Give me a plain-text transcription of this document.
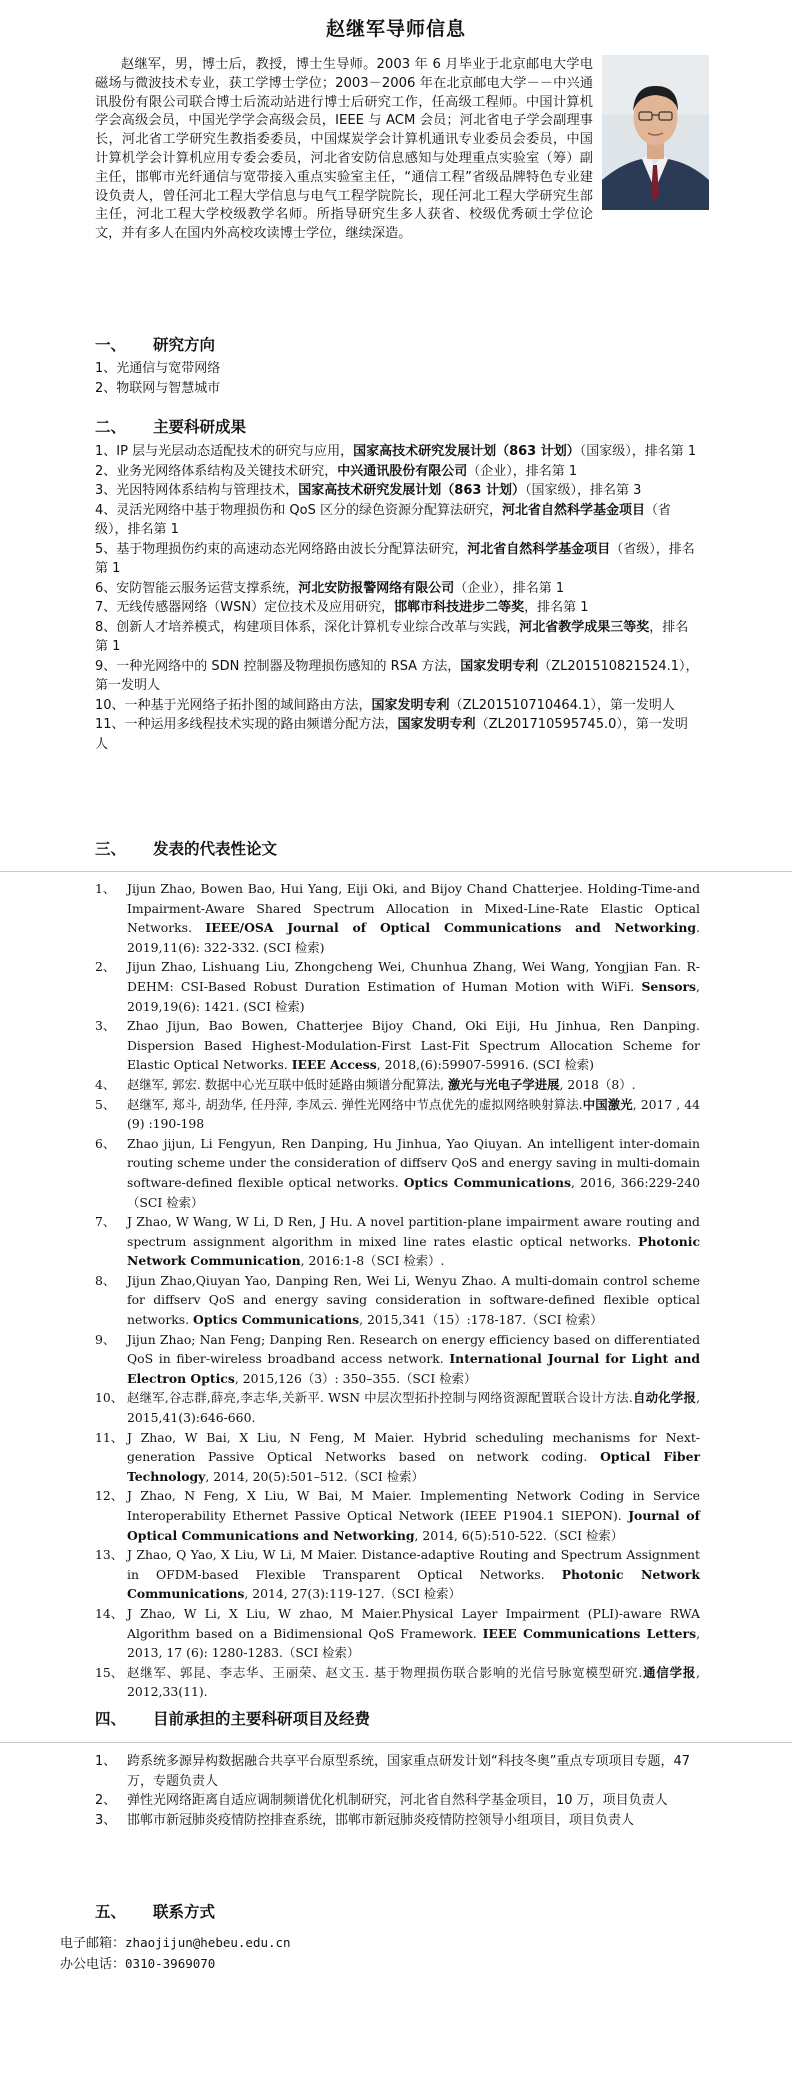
赵继军导师信息
赵继军，男，博士后，教授，博士生导师。2003 年 6 月毕业于北京邮电大学电磁场与微波技术专业，获工学博士学位；2003－2006 年在北京邮电大学－－中兴通讯股份有限公司联合博士后流动站进行博士后研究工作，任高级工程师。中国计算机学会高级会员，中国光学学会高级会员，IEEE 与 ACM 会员；河北省电子学会副理事长，河北省工学研究生教指委委员，中国煤炭学会计算机通讯专业委员会委员，中国计算机学会计算机应用专委会委员，河北省安防信息感知与处理重点实验室（筹）副主任，邯郸市光纤通信与宽带接入重点实验室主任，“通信工程”省级品牌特色专业建设负责人，曾任河北工程大学信息与电气工程学院院长，现任河北工程大学研究生部主任，河北工程大学校级教学名师。所指导研究生多人获省、校级优秀硕士学位论文，并有多人在国内外高校攻读博士学位，继续深造。
一、 研究方向
1、光通信与宽带网络
2、物联网与智慧城市
二、 主要科研成果
1、IP 层与光层动态适配技术的研究与应用，国家高技术研究发展计划（863 计划）（国家级），排名第 1
2、业务光网络体系结构及关键技术研究，中兴通讯股份有限公司（企业），排名第 1
3、光因特网体系结构与管理技术，国家高技术研究发展计划（863 计划）（国家级），排名第 3
4、灵活光网络中基于物理损伤和 QoS 区分的绿色资源分配算法研究，河北省自然科学基金项目（省级），排名第 1
5、基于物理损伤约束的高速动态光网络路由波长分配算法研究，河北省自然科学基金项目（省级），排名第 1
6、安防智能云服务运营支撑系统，河北安防报警网络有限公司（企业），排名第 1
7、无线传感器网络（WSN）定位技术及应用研究，邯郸市科技进步二等奖，排名第 1
8、创新人才培养模式，构建项目体系，深化计算机专业综合改革与实践，河北省教学成果三等奖，排名第 1
9、一种光网络中的 SDN 控制器及物理损伤感知的 RSA 方法，国家发明专利（ZL201510821524.1），第一发明人
10、一种基于光网络子拓扑图的域间路由方法，国家发明专利（ZL201510710464.1），第一发明人
11、一种运用多线程技术实现的路由频谱分配方法，国家发明专利（ZL201710595745.0），第一发明人
三、 发表的代表性论文
1、 Jijun Zhao, Bowen Bao, Hui Yang, Eiji Oki, and Bijoy Chand Chatterjee. Holding-Time-and Impairment-Aware Shared Spectrum Allocation in Mixed-Line-Rate Elastic Optical Networks. IEEE/OSA Journal of Optical Communications and Networking. 2019,11(6): 322-332. (SCI 检索)
2、 Jijun Zhao, Lishuang Liu, Zhongcheng Wei, Chunhua Zhang, Wei Wang, Yongjian Fan. R-DEHM: CSI-Based Robust Duration Estimation of Human Motion with WiFi. Sensors, 2019,19(6): 1421. (SCI 检索)
3、 Zhao Jijun, Bao Bowen, Chatterjee Bijoy Chand, Oki Eiji, Hu Jinhua, Ren Danping. Dispersion Based Highest-Modulation-First Last-Fit Spectrum Allocation Scheme for Elastic Optical Networks. IEEE Access, 2018,(6):59907-59916. (SCI 检索)
4、 赵继军, 郭宏. 数据中心光互联中低时延路由频谱分配算法, 激光与光电子学进展, 2018（8）.
5、 赵继军, 郑斗, 胡劲华, 任丹萍, 李凤云. 弹性光网络中节点优先的虚拟网络映射算法.中国激光, 2017 , 44 (9) :190-198
6、 Zhao jijun, Li Fengyun, Ren Danping, Hu Jinhua, Yao Qiuyan. An intelligent inter-domain routing scheme under the consideration of diffserv QoS and energy saving in multi-domain software-defined flexible optical networks. Optics Communications, 2016, 366:229-240（SCI 检索）
7、 J Zhao, W Wang, W Li, D Ren, J Hu. A novel partition-plane impairment aware routing and spectrum assignment algorithm in mixed line rates elastic optical networks. Photonic Network Communication, 2016:1-8（SCI 检索）.
8、 Jijun Zhao,Qiuyan Yao, Danping Ren, Wei Li, Wenyu Zhao. A multi-domain control scheme for diffserv QoS and energy saving consideration in software-defined flexible optical networks. Optics Communications, 2015,341（15）:178-187.（SCI 检索）
9、 Jijun Zhao; Nan Feng; Danping Ren. Research on energy efficiency based on differentiated QoS in fiber-wireless broadband access network. International Journal for Light and Electron Optics, 2015,126（3）: 350–355.（SCI 检索）
10、 赵继军,谷志群,薛亮,李志华,关新平. WSN 中层次型拓扑控制与网络资源配置联合设计方法.自动化学报, 2015,41(3):646-660.
11、 J Zhao, W Bai, X Liu, N Feng, M Maier. Hybrid scheduling mechanisms for Next-generation Passive Optical Networks based on network coding. Optical Fiber Technology, 2014, 20(5):501–512.（SCI 检索）
12、 J Zhao, N Feng, X Liu, W Bai, M Maier. Implementing Network Coding in Service Interoperability Ethernet Passive Optical Network (IEEE P1904.1 SIEPON). Journal of Optical Communications and Networking, 2014, 6(5):510-522.（SCI 检索）
13、 J Zhao, Q Yao, X Liu, W Li, M Maier. Distance-adaptive Routing and Spectrum Assignment in OFDM-based Flexible Transparent Optical Networks. Photonic Network Communications, 2014, 27(3):119-127.（SCI 检索）
14、 J Zhao, W Li, X Liu, W zhao, M Maier.Physical Layer Impairment (PLI)-aware RWA Algorithm based on a Bidimensional QoS Framework. IEEE Communications Letters, 2013, 17 (6): 1280-1283.（SCI 检索）
15、 赵继军、郭昆、李志华、王丽荣、赵文玉. 基于物理损伤联合影响的光信号脉宽模型研究.通信学报, 2012,33(11).
四、 目前承担的主要科研项目及经费
1、 跨系统多源异构数据融合共享平台原型系统，国家重点研发计划“科技冬奥”重点专项项目专题，47 万，专题负责人
2、 弹性光网络距离自适应调制频谱优化机制研究，河北省自然科学基金项目，10 万，项目负责人
3、 邯郸市新冠肺炎疫情防控排查系统，邯郸市新冠肺炎疫情防控领导小组项目，项目负责人
五、 联系方式
电子邮箱：zhaojijun@hebeu.edu.cn
办公电话：0310-3969070
